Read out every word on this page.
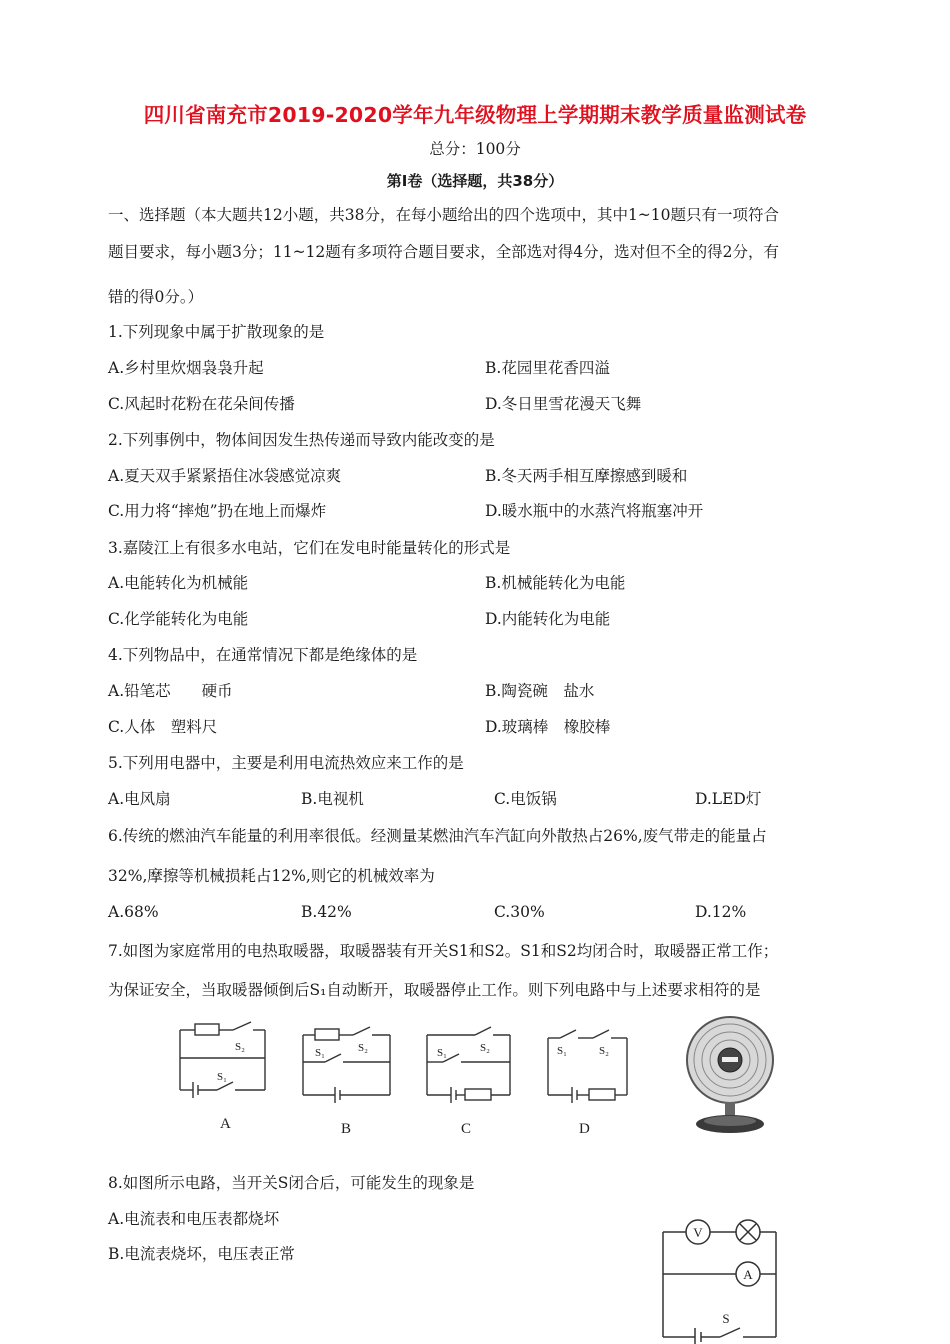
四川省南充市2019-2020学年九年级物理上学期期末教学质量监测试卷
总分：100分
第Ⅰ卷（选择题，共38分）
一、选择题（本大题共12小题，共38分，在每小题给出的四个选项中，其中1~10题只有一项符合
题目要求，每小题3分；11~12题有多项符合题目要求，全部选对得4分，选对但不全的得2分，有
错的得0分。）
1.下列现象中属于扩散现象的是
A.乡村里炊烟袅袅升起	B.花园里花香四溢
C.风起时花粉在花朵间传播	D.冬日里雪花漫天飞舞
2.下列事例中，物体间因发生热传递而导致内能改变的是
A.夏天双手紧紧捂住冰袋感觉凉爽	B.冬天两手相互摩擦感到暖和
C.用力将“摔炮”扔在地上而爆炸	D.暖水瓶中的水蒸汽将瓶塞冲开
3.嘉陵江上有很多水电站，它们在发电时能量转化的形式是
A.电能转化为机械能	B.机械能转化为电能
C.化学能转化为电能	D.内能转化为电能
4.下列物品中，在通常情况下都是绝缘体的是
A.铅笔芯　　硬币	B.陶瓷碗　盐水
C.人体　塑料尺	D.玻璃棒　橡胶棒
5.下列用电器中，主要是利用电流热效应来工作的是
A.电风扇	B.电视机	C.电饭锅	D.LED灯
6.传统的燃油汽车能量的利用率很低。经测量某燃油汽车汽缸向外散热占26%,废气带走的能量占
32%,摩擦等机械损耗占12%,则它的机械效率为
A.68%	B.42%	C.30%	D.12%
7.如图为家庭常用的电热取暖器，取暖器装有开关S1和S2。S1和S2均闭合时，取暖器正常工作；
为保证安全，当取暖器倾倒后S₁自动断开，取暖器停止工作。则下列电路中与上述要求相符的是
S₂
S₁
S₁	S₂	S₁	S₂	S₁	S₂
A	B	C	D
8.如图所示电路，当开关S闭合后，可能发生的现象是
A.电流表和电压表都烧坏
B.电流表烧坏，电压表正常
V
A
S
